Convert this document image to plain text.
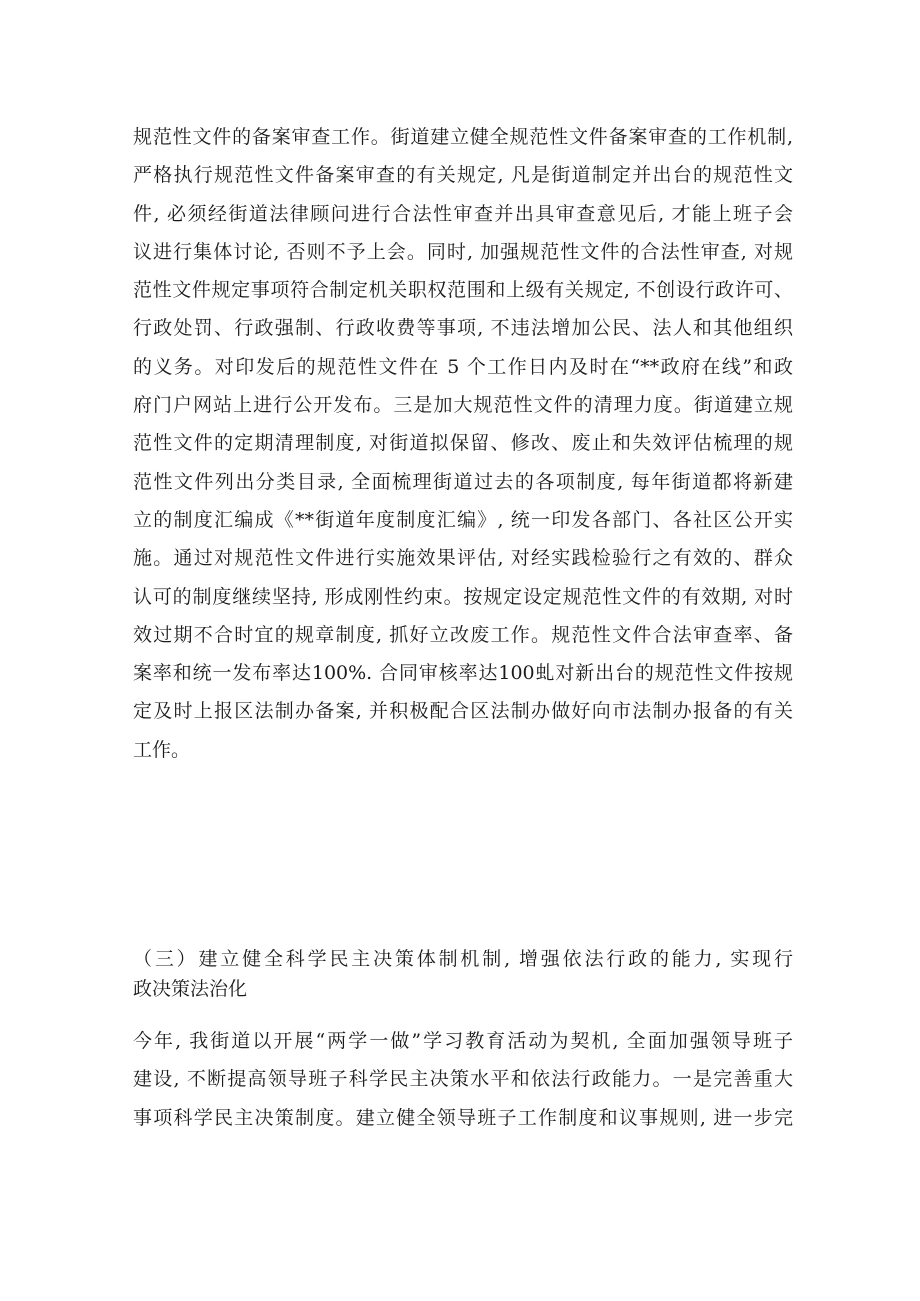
规范性文件的备案审查工作。街道建立健全规范性文件备案审查的工作机制,
严格执行规范性文件备案审查的有关规定, 凡是街道制定并出台的规范性文
件, 必须经街道法律顾问进行合法性审查并出具审查意见后, 才能上班子会
议进行集体讨论, 否则不予上会。同时, 加强规范性文件的合法性审查, 对规
范性文件规定事项符合制定机关职权范围和上级有关规定, 不创设行政许可、
行政处罚、行政强制、行政收费等事项, 不违法增加公民、法人和其他组织
的义务。对印发后的规范性文件在 5 个工作日内及时在“**政府在线”和政
府门户网站上进行公开发布。三是加大规范性文件的清理力度。街道建立规
范性文件的定期清理制度, 对街道拟保留、修改、废止和失效评估梳理的规
范性文件列出分类目录, 全面梳理街道过去的各项制度, 每年街道都将新建
立的制度汇编成《**街道年度制度汇编》, 统一印发各部门、各社区公开实
施。通过对规范性文件进行实施效果评估, 对经实践检验行之有效的、群众
认可的制度继续坚持, 形成刚性约束。按规定设定规范性文件的有效期, 对时
效过期不合时宜的规章制度, 抓好立改废工作。规范性文件合法审查率、备
案率和统一发布率达100%. 合同审核率达100虬对新出台的规范性文件按规
定及时上报区法制办备案, 并积极配合区法制办做好向市法制办报备的有关
工作。
（三）建立健全科学民主决策体制机制, 增强依法行政的能力, 实现行
政决策法治化
今年, 我街道以开展“两学一做”学习教育活动为契机, 全面加强领导班子
建设, 不断提高领导班子科学民主决策水平和依法行政能力。一是完善重大
事项科学民主决策制度。建立健全领导班子工作制度和议事规则, 进一步完
